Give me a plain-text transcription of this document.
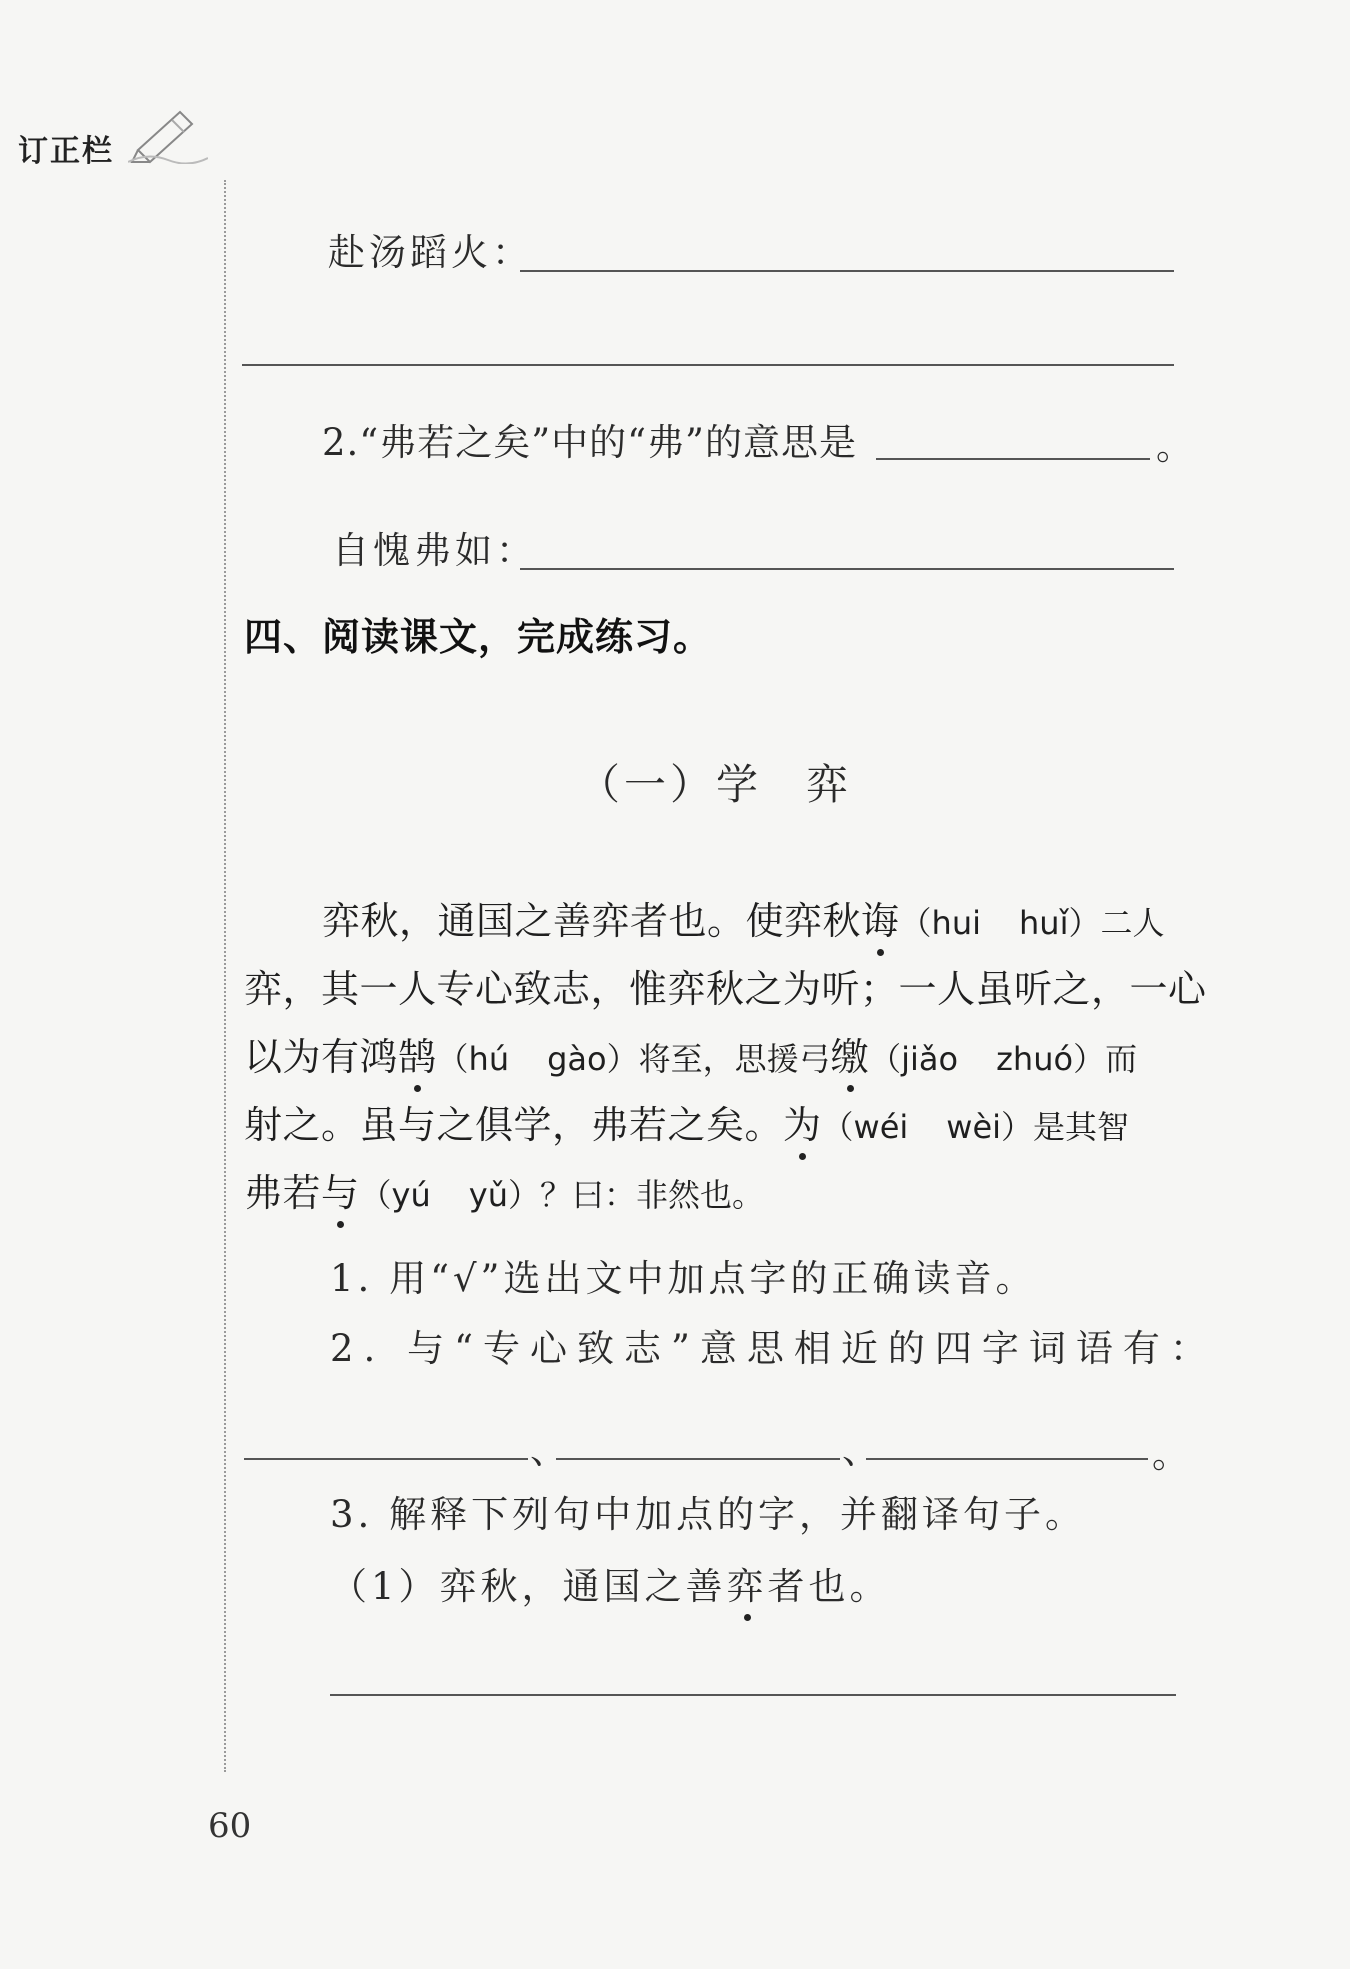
订正栏
赴汤蹈火：
2.“弗若之矣”中的“弗”的意思是	。
自愧弗如：
四、阅读课文，完成练习。
（一）学 弈
弈秋，通国之善弈者也。使弈秋诲（hui huǐ）二人
弈，其一人专心致志，惟弈秋之为听；一人虽听之，一心
以为有鸿鹄（hú gào）将至，思援弓缴（jiǎo zhuó）而
射之。虽与之俱学，弗若之矣。为（wéi wèi）是其智
弗若与（yú yǔ）？曰：非然也。
1. 用“√”选出文中加点字的正确读音。
2. 与“专心致志”意思相近的四字词语有：
、	、	。
3. 解释下列句中加点的字，并翻译句子。
（1）弈秋，通国之善弈者也。
60
